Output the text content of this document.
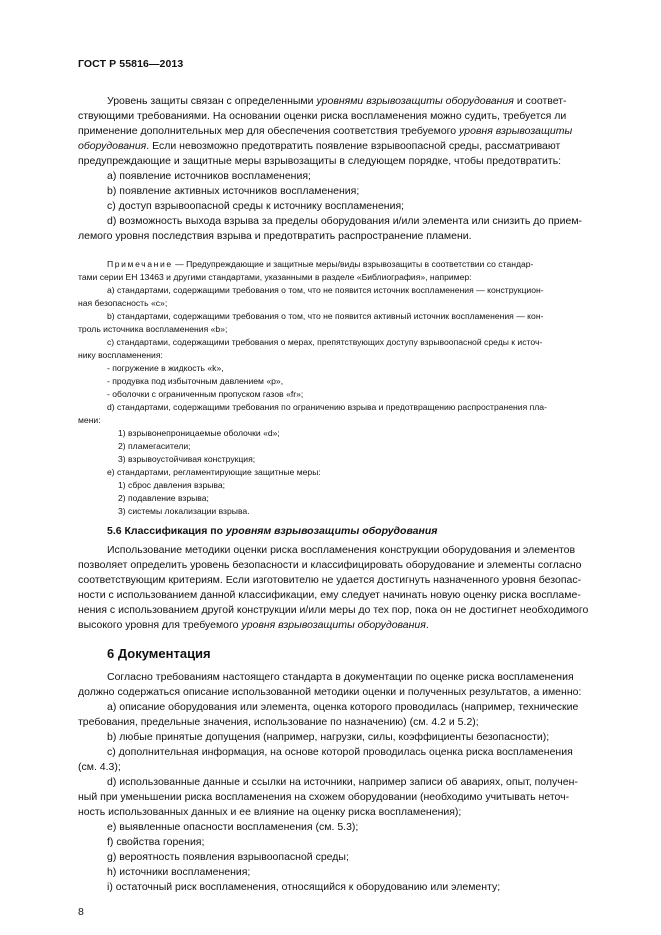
ГОСТ Р 55816—2013
Уровень защиты связан с определенными уровнями взрывозащиты оборудования и соответ-
ствующими требованиями. На основании оценки риска воспламенения можно судить, требуется ли
применение дополнительных мер для обеспечения соответствия требуемого уровня взрывозащиты
оборудования. Если невозможно предотвратить появление взрывоопасной среды, рассматривают
предупреждающие и защитные меры взрывозащиты в следующем порядке, чтобы предотвратить:
a) появление источников воспламенения;
b) появление активных источников воспламенения;
c) доступ взрывоопасной среды к источнику воспламенения;
d) возможность выхода взрыва за пределы оборудования и/или элемента или снизить до прием-
лемого уровня последствия взрыва и предотвратить распространение пламени.
Примечание — Предупреждающие и защитные меры/виды взрывозащиты в соответствии со стандар-
тами серии ЕН 13463 и другими стандартами, указанными в разделе «Библиография», например:
a) стандартами, содержащими требования о том, что не появится источник воспламенения — конструкцион-
ная безопасность «c»;
b) стандартами, содержащими требования о том, что не появится активный источник воспламенения — кон-
троль источника воспламенения «b»;
c) стандартами, содержащими требования о мерах, препятствующих доступу взрывоопасной среды к источ-
нику воспламенения:
- погружение в жидкость «k»,
- продувка под избыточным давлением «p»,
- оболочки с ограниченным пропуском газов «fr»;
d) стандартами, содержащими требования по ограничению взрыва и предотвращению распространения пла-
мени:
1) взрывонепроницаемые оболочки «d»;
2) пламегасители;
3) взрывоустойчивая конструкция;
e) стандартами, регламентирующие защитные меры:
1) сброс давления взрыва;
2) подавление взрыва;
3) системы локализации взрыва.
5.6 Классификация по уровням взрывозащиты оборудования
Использование методики оценки риска воспламенения конструкции оборудования и элементов
позволяет определить уровень безопасности и классифицировать оборудование и элементы согласно
соответствующим критериям. Если изготовителю не удается достигнуть назначенного уровня безопас-
ности с использованием данной классификации, ему следует начинать новую оценку риска воспламе-
нения с использованием другой конструкции и/или меры до тех пор, пока он не достигнет необходимого
высокого уровня для требуемого уровня взрывозащиты оборудования.
6 Документация
Согласно требованиям настоящего стандарта в документации по оценке риска воспламенения
должно содержаться описание использованной методики оценки и полученных результатов, а именно:
a) описание оборудования или элемента, оценка которого проводилась (например, технические
требования, предельные значения, использование по назначению) (см. 4.2 и 5.2);
b) любые принятые допущения (например, нагрузки, силы, коэффициенты безопасности);
c) дополнительная информация, на основе которой проводилась оценка риска воспламенения
(см. 4.3);
d) использованные данные и ссылки на источники, например записи об авариях, опыт, получен-
ный при уменьшении риска воспламенения на схожем оборудовании (необходимо учитывать неточ-
ность использованных данных и ее влияние на оценку риска воспламенения);
e) выявленные опасности воспламенения (см. 5.3);
f) свойства горения;
g) вероятность появления взрывоопасной среды;
h) источники воспламенения;
i) остаточный риск воспламенения, относящийся к оборудованию или элементу;
8
